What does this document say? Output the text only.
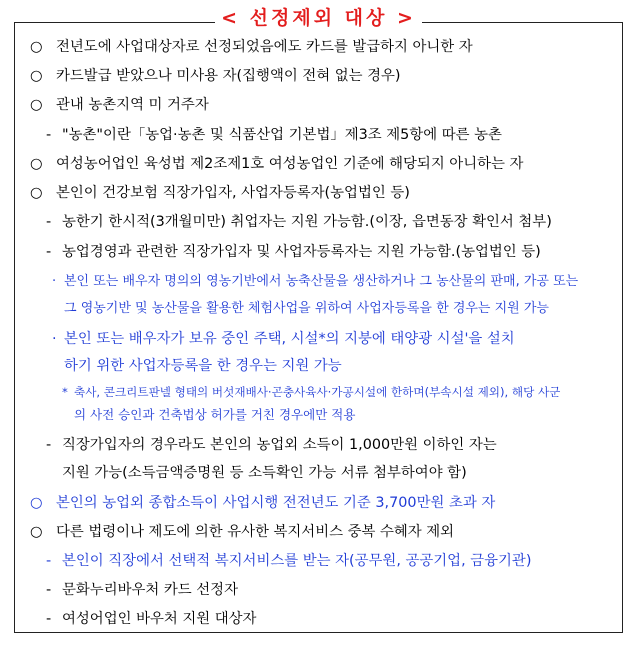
< 선정제외 대상 >
○ 전년도에 사업대상자로 선정되었음에도 카드를 발급하지 아니한 자
○ 카드발급 받았으나 미사용 자(집행액이 전혀 없는 경우)
○ 관내 농촌지역 미 거주자
- "농촌"이란「농업·농촌 및 식품산업 기본법」제3조 제5항에 따른 농촌
○ 여성농어업인 육성법 제2조제1호 여성농업인 기준에 해당되지 아니하는 자
○ 본인이 건강보험 직장가입자, 사업자등록자(농업법인 등)
- 농한기 한시적(3개월미만) 취업자는 지원 가능함.(이장, 읍면동장 확인서 첨부)
- 농업경영과 관련한 직장가입자 및 사업자등록자는 지원 가능함.(농업법인 등)
· 본인 또는 배우자 명의의 영농기반에서 농축산물을 생산하거나 그 농산물의 판매, 가공 또는
그 영농기반 및 농산물을 활용한 체험사업을 위하여 사업자등록을 한 경우는 지원 가능
· 본인 또는 배우자가 보유 중인 주택, 시설*의 지붕에 태양광 시설'을 설치
하기 위한 사업자등록을 한 경우는 지원 가능
* 축사, 콘크리트판넬 형태의 버섯재배사·곤충사육사·가공시설에 한하며(부속시설 제외), 해당 사군
의 사전 승인과 건축법상 허가를 거친 경우에만 적용
- 직장가입자의 경우라도 본인의 농업외 소득이 1,000만원 이하인 자는
지원 가능(소득금액증명원 등 소득확인 가능 서류 첨부하여야 함)
○ 본인의 농업외 종합소득이 사업시행 전전년도 기준 3,700만원 초과 자
○ 다른 법령이나 제도에 의한 유사한 복지서비스 중복 수혜자 제외
- 본인이 직장에서 선택적 복지서비스를 받는 자(공무원, 공공기업, 금융기관)
- 문화누리바우처 카드 선정자
- 여성어업인 바우처 지원 대상자
